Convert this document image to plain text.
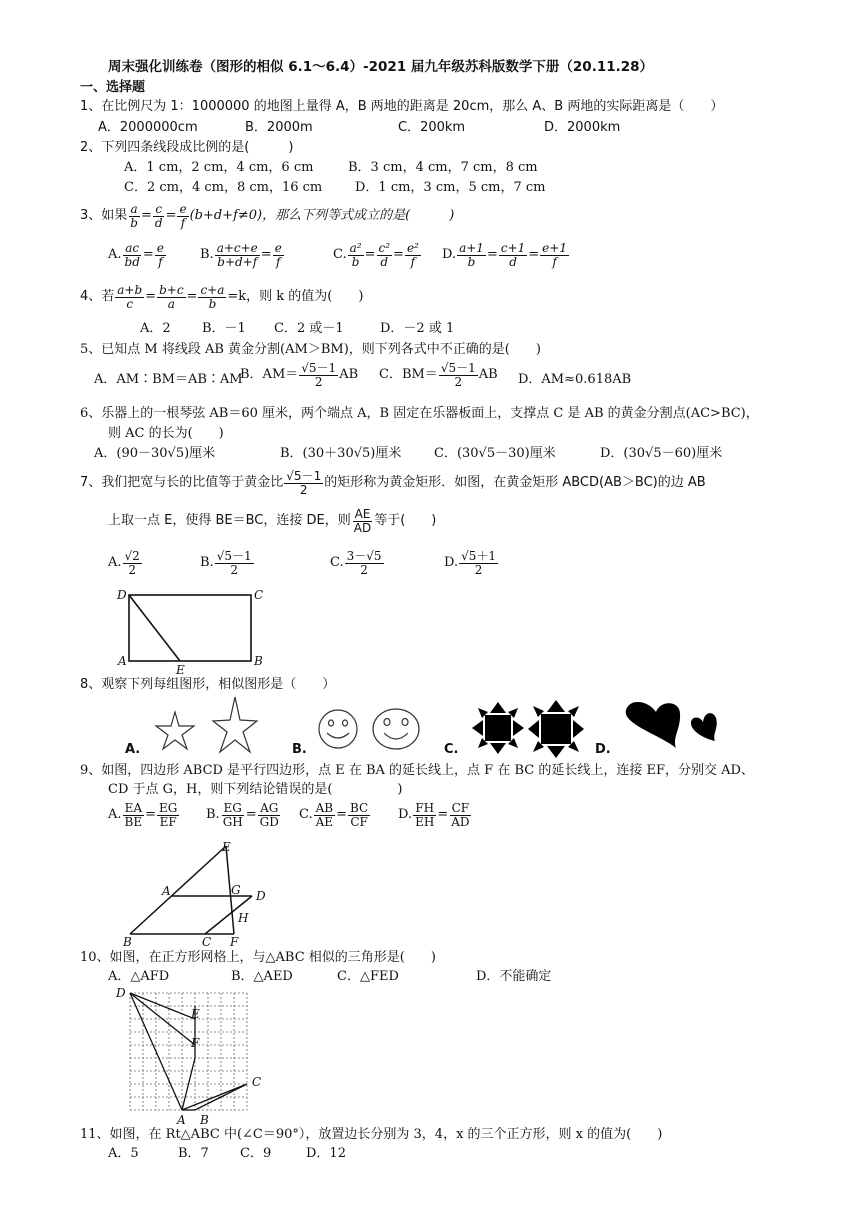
周末强化训练卷（图形的相似 6.1～6.4）-2021 届九年级苏科版数学下册（20.11.28）
一、选择题
1、在比例尺为 1：1000000 的地图上量得 A，B 两地的距离是 20cm，那么 A、B 两地的实际距离是（　　）
A．2000000cm	B．2000m	C．200km	D．2000km
2、下列四条线段成比例的是(　　　)
A．1 cm，2 cm，4 cm，6 cm	B．3 cm，4 cm，7 cm，8 cm
C．2 cm，4 cm，8 cm，16 cm	D．1 cm，3 cm，5 cm，7 cm
3、如果 $\frac{a}{b} = \frac{c}{d} = \frac{e}{f} (b+d+f\ne 0)$，那么下列等式成立的是(　　　)
A. $\frac{ac}{bd} = \frac{e}{f}$	B. $\frac{a+c+e}{b+d+f} = \frac{e}{f}$	C. $\frac{\text{a²}}{b} = \frac{\text{c²}}{d} = \frac{\text{e²}}{f} D$. $\frac{a+1}{b} = \frac{c+1}{d} = \frac{e+1}{f}$
4、若 $\frac{a+b}{c} = \frac{b+c}{a} = \frac{c+a}{b} =k$，则 k 的值为(　　)
A．2 B．－1 C．2 或－1	D．－2 或 1
5、已知点 M 将线段 AB 黄金分割(AM＞BM)，则下列各式中不正确的是(　　)
A．AM∶BM＝AB∶AM
B．$AM= \frac{√5-1}{2}$ AB C．$BM= \frac{√5-1}{2}$ AB D．AM≈0.618AB
6、乐器上的一根琴弦 AB＝60 厘米，两个端点 A，B 固定在乐器板面上，支撑点 C 是 AB 的黄金分割点(AC>BC)，
则 AC 的长为(　　)
A．(90－30√5)厘米	B．(30＋30√5)厘米	C．(30√5－30)厘米	D．(30√5－60)厘米
7、我们把宽与长的比值等于黄金比 $\frac{√5-1}{2}$ 的矩形称为黄金矩形．如图，在黄金矩形 ABCD(AB＞BC)的边 AB
上取一点 E，使得 BE＝BC，连接 DE，则 $\frac{AE}{AD}$ 等于(　　)
A. $\frac{√2}{2}$	B. $\frac{√5-1}{2}$	C. $\frac{3-√5}{2}$	D. $\frac{√5+1}{2}$
D	C
A
E
B
8、观察下列每组图形，相似图形是（　　）
A.	B.	C.	D.
9、如图，四边形 ABCD 是平行四边形，点 E 在 BA 的延长线上，点 F 在 BC 的延长线上，连接 EF，分别交 AD、
CD 于点 G，H，则下列结论错误的是(　　　　　)
A. $\frac{EA}{BE} = \frac{EG}{EF} B$. $\frac{EG}{GH} = \frac{AG}{GD} C$. $\frac{AB}{AE} = \frac{BC}{CF} D$. $\frac{FH}{EH} = \frac{CF}{AD}$
E
A	G D
H
B	C F
10、如图，在正方形网格上，与△ABC 相似的三角形是(　　)
A．△AFD	B．△AED	C．△FED	D．不能确定
D
E
F
C
A B
11、如图，在 Rt△ABC 中(∠C＝90°），放置边长分别为 3，4，x 的三个正方形，则 x 的值为(　　)
A．5	B．7 C．9	D．12
